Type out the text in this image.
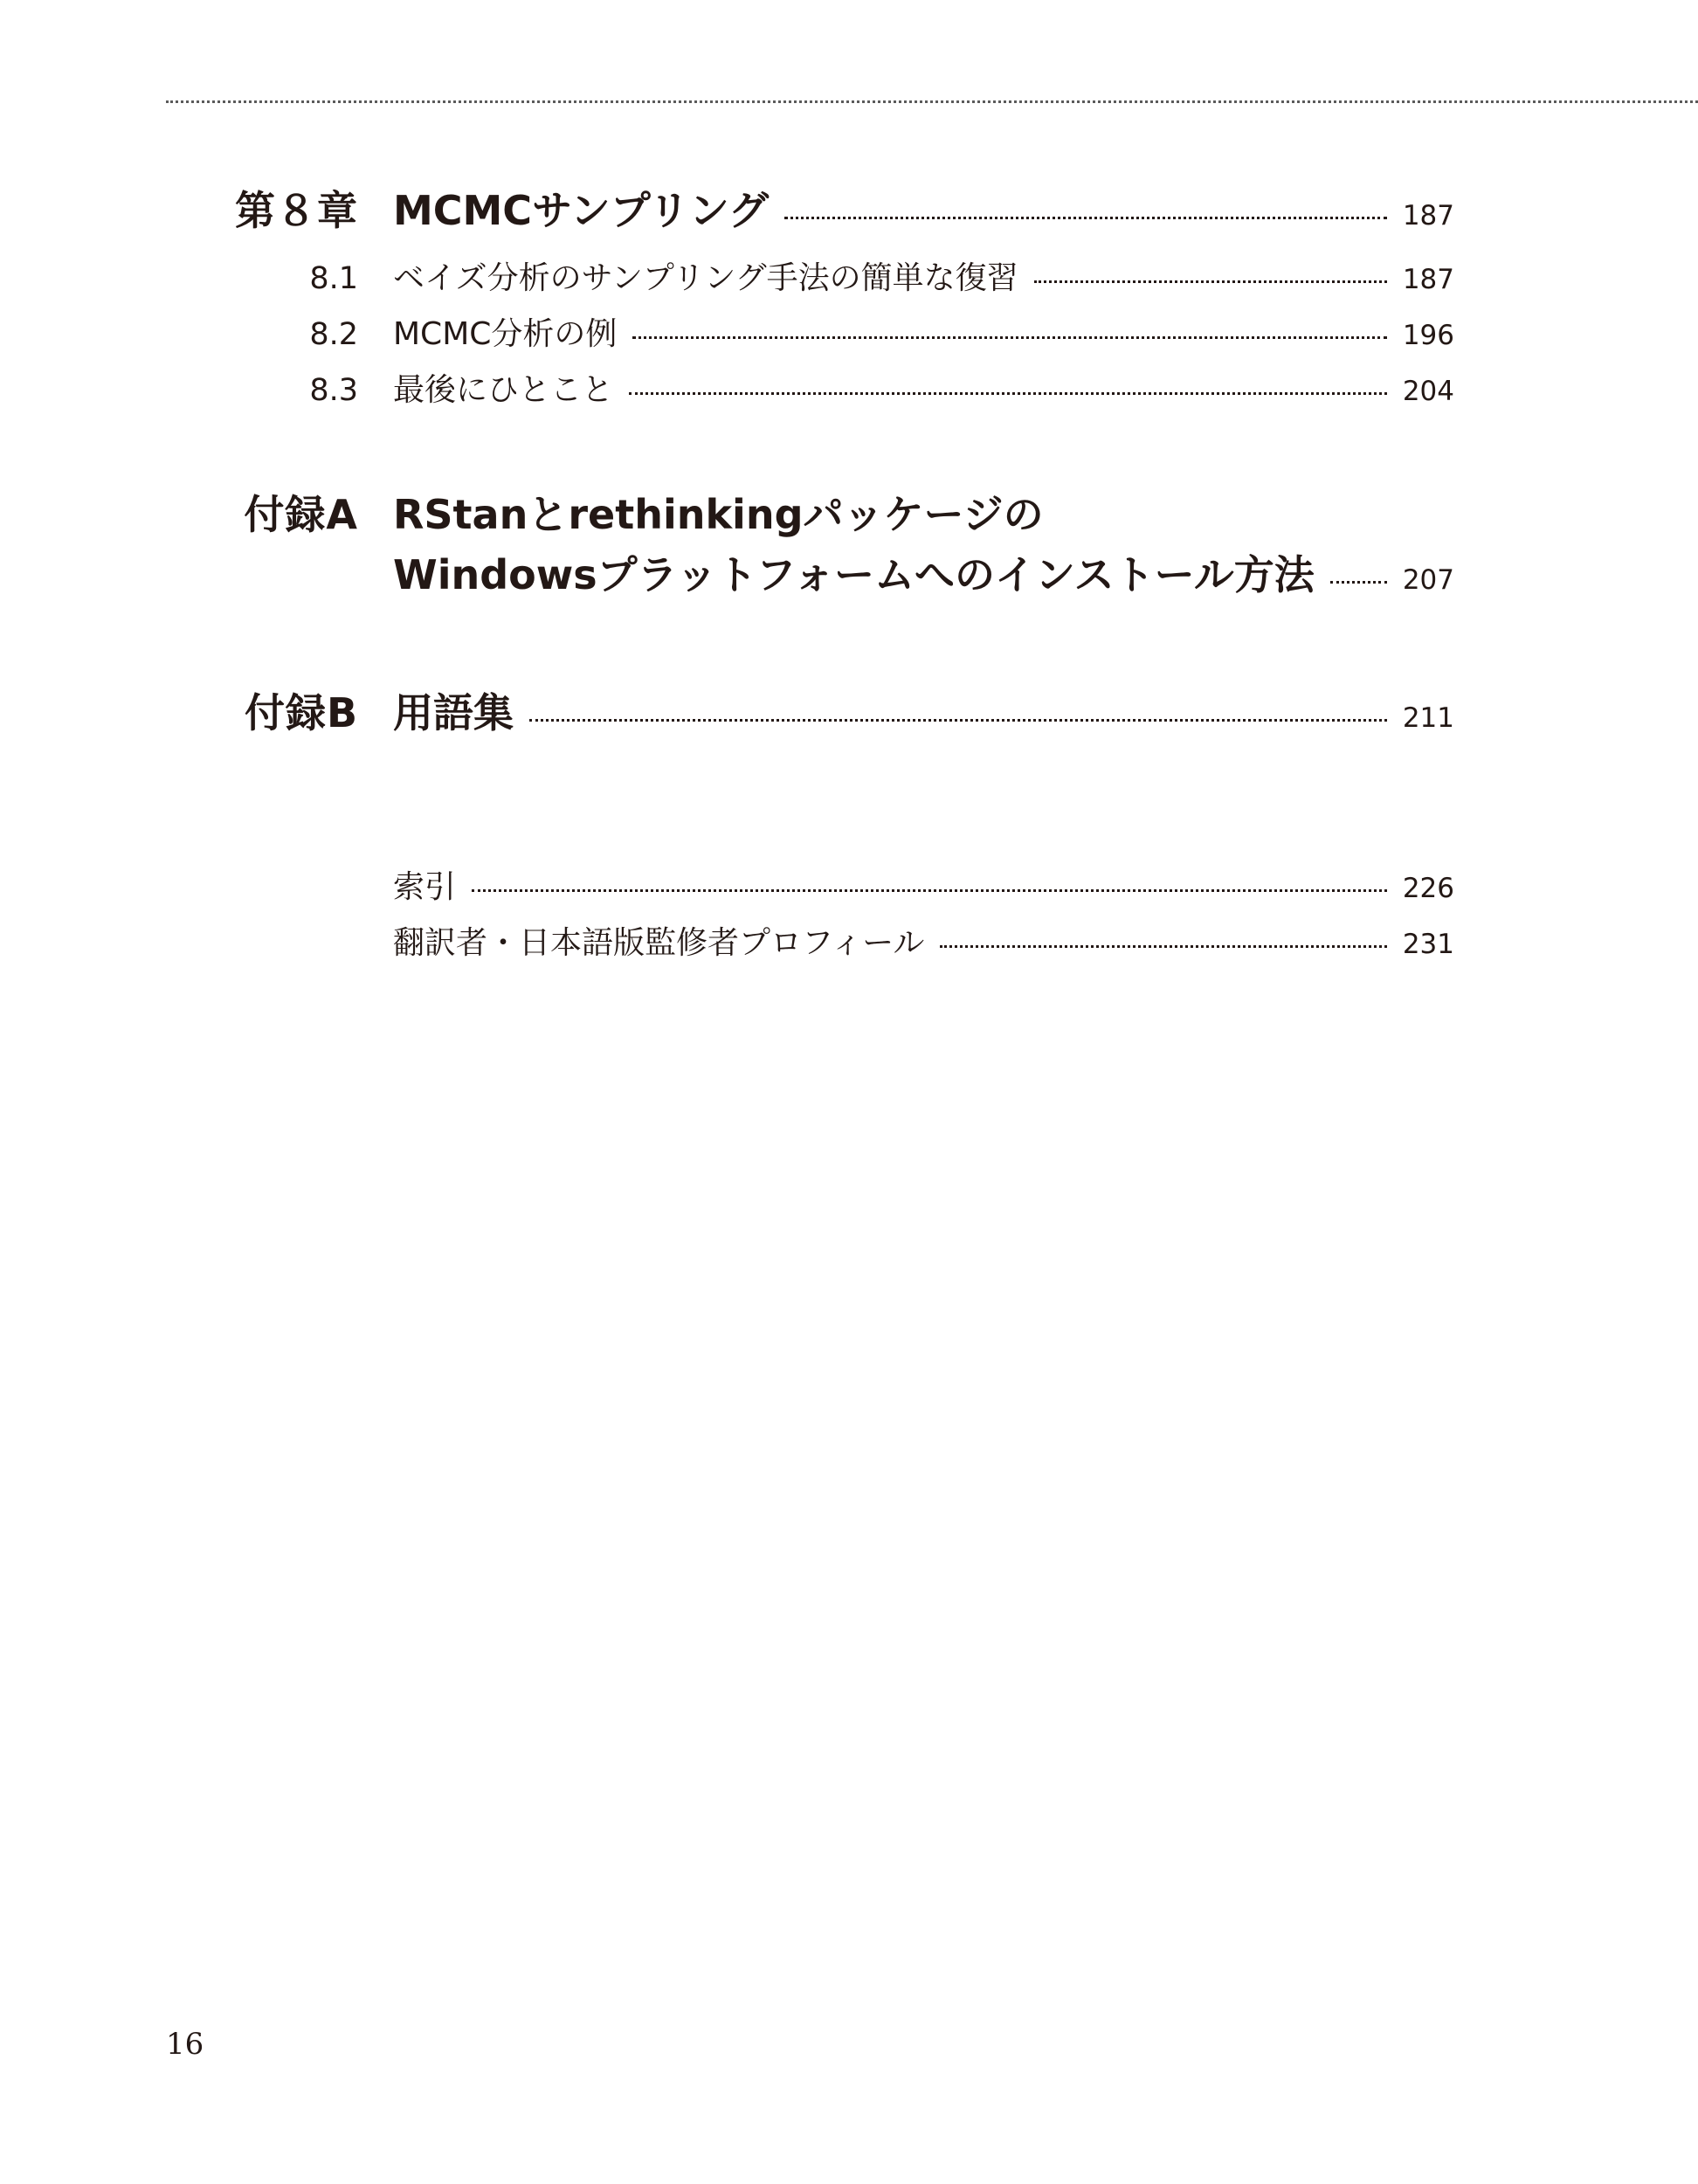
第８章 MCMCサンプリング	187
8.1 ベイズ分析のサンプリング手法の簡単な復習	187
8.2 MCMC分析の例	196
8.3 最後にひとこと	204
付録A RStanとrethinkingパッケージの
Windowsプラットフォームへのインストール方法	207
付録B 用語集	211
索引	226
翻訳者・日本語版監修者プロフィール	231
16
